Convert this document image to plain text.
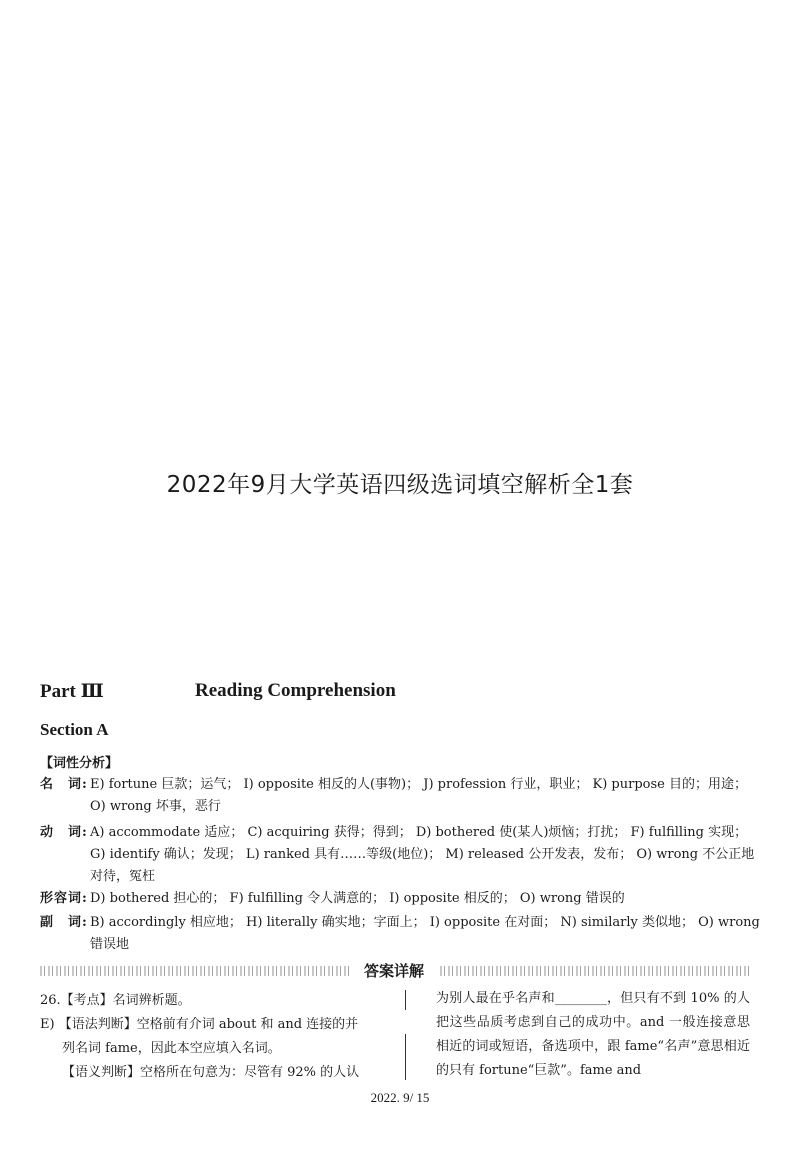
2022年9月大学英语四级选词填空解析全1套
Part Ⅲ	Reading Comprehension
Section A
【词性分析】
名　词: E) fortune 巨款；运气； I) opposite 相反的人(事物)； J) profession 行业，职业； K) purpose 目的；用途； O) wrong 坏事，恶行
动　词: A) accommodate 适应； C) acquiring 获得；得到； D) bothered 使(某人)烦恼；打扰； F) fulfilling 实现； G) identify 确认；发现； L) ranked 具有……等级(地位)； M) released 公开发表，发布； O) wrong 不公正地对待，冤枉
形容词: D) bothered 担心的； F) fulfilling 令人满意的； I) opposite 相反的； O) wrong 错误的
副　词: B) accordingly 相应地； H) literally 确实地；字面上； I) opposite 在对面； N) similarly 类似地； O) wrong 错误地
答案详解
26.【考点】名词辨析题。
E) 【语法判断】空格前有介词 about 和 and 连接的并
列名词 fame，因此本空应填入名词。
【语义判断】空格所在句意为：尽管有 92% 的人认
为别人最在乎名声和________，但只有不到 10% 的人把这些品质考虑到自己的成功中。and 一般连接意思相近的词或短语，备选项中，跟 fame“名声”意思相近的只有 fortune“巨款”。fame and
2022. 9/ 15
